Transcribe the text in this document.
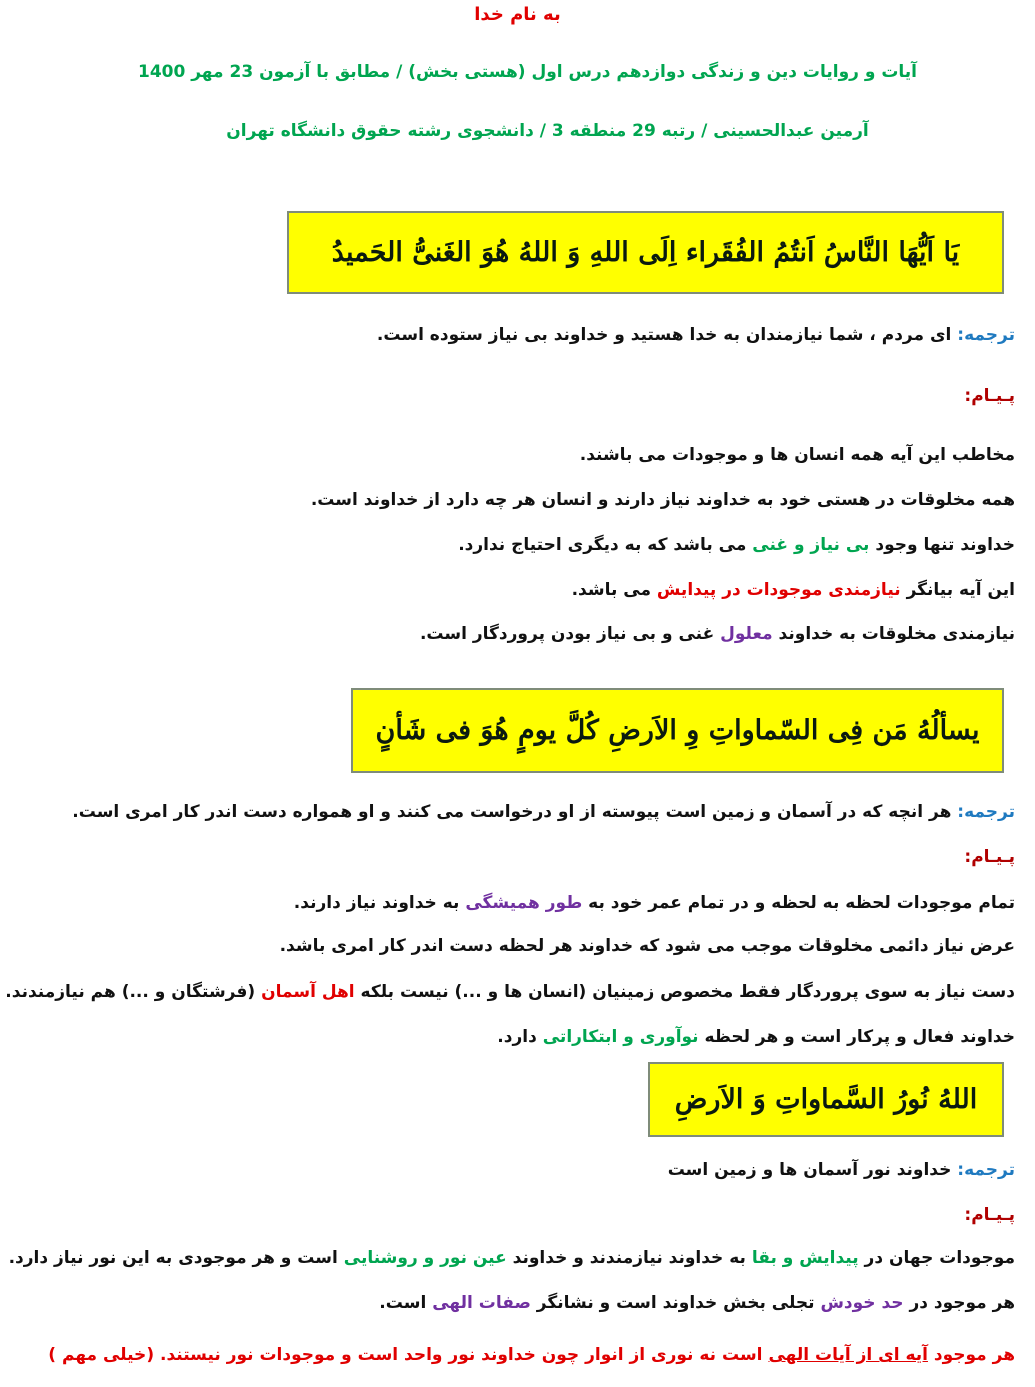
به نام خدا
آیات و روایات دین و زندگی دوازدهم درس اول (هستی بخش) / مطابق با آزمون 23 مهر 1400
آرمین عبدالحسینی / رتبه 29 منطقه 3 / دانشجوی رشته حقوق دانشگاه تهران
یَا اَیُّهَا النَّاسُ اَنتُمُ الفُقَراء اِلَی اللهِ وَ اللهُ هُوَ الغَنیُّ الحَمیدُ
یسألُهُ مَن فِی السّماواتِ وِ الاَرضِ کُلَّ یومٍ هُوَ فی شَأنٍ
اللهُ نُورُ السَّماواتِ وَ الاَرضِ
ترجمه: ای مردم ، شما نیازمندان به خدا هستید و خداوند بی نیاز ستوده است.
پـیـام:
مخاطب این آیه همه انسان ها و موجودات می باشند.
همه مخلوقات در هستی خود به خداوند نیاز دارند و انسان هر چه دارد از خداوند است.
خداوند تنها وجود بی نیاز و غنی می باشد که به دیگری احتیاج ندارد.
این آیه بیانگر نیازمندی موجودات در پیدایش می باشد.
نیازمندی مخلوقات به خداوند معلول غنی و بی نیاز بودن پروردگار است.
ترجمه: هر انچه که در آسمان و زمین است پیوسته از او درخواست می کنند و او همواره دست اندر کار امری است.
پـیـام:
تمام موجودات لحظه به لحظه و در تمام عمر خود به طور همیشگی به خداوند نیاز دارند.
عرض نیاز دائمی مخلوقات موجب می شود که خداوند هر لحظه دست اندر کار امری باشد.
دست نیاز به سوی پروردگار فقط مخصوص زمینیان (انسان ها و ...) نیست بلکه اهل آسمان (فرشتگان و ...) هم نیازمندند.
خداوند فعال و پرکار است و هر لحظه نوآوری و ابتکاراتی دارد.
ترجمه: خداوند نور آسمان ها و زمین است
پـیـام:
موجودات جهان در پیدایش و بقا به خداوند نیازمندند و خداوند عین نور و روشنایی است و هر موجودی به این نور نیاز دارد.
هر موجود در حد خودش تجلی بخش خداوند است و نشانگر صفات الهی است.
هر موجود آیه ای از آیات الهی است نه نوری از انوار چون خداوند نور واحد است و موجودات نور نیستند. (خیلی مهم )
